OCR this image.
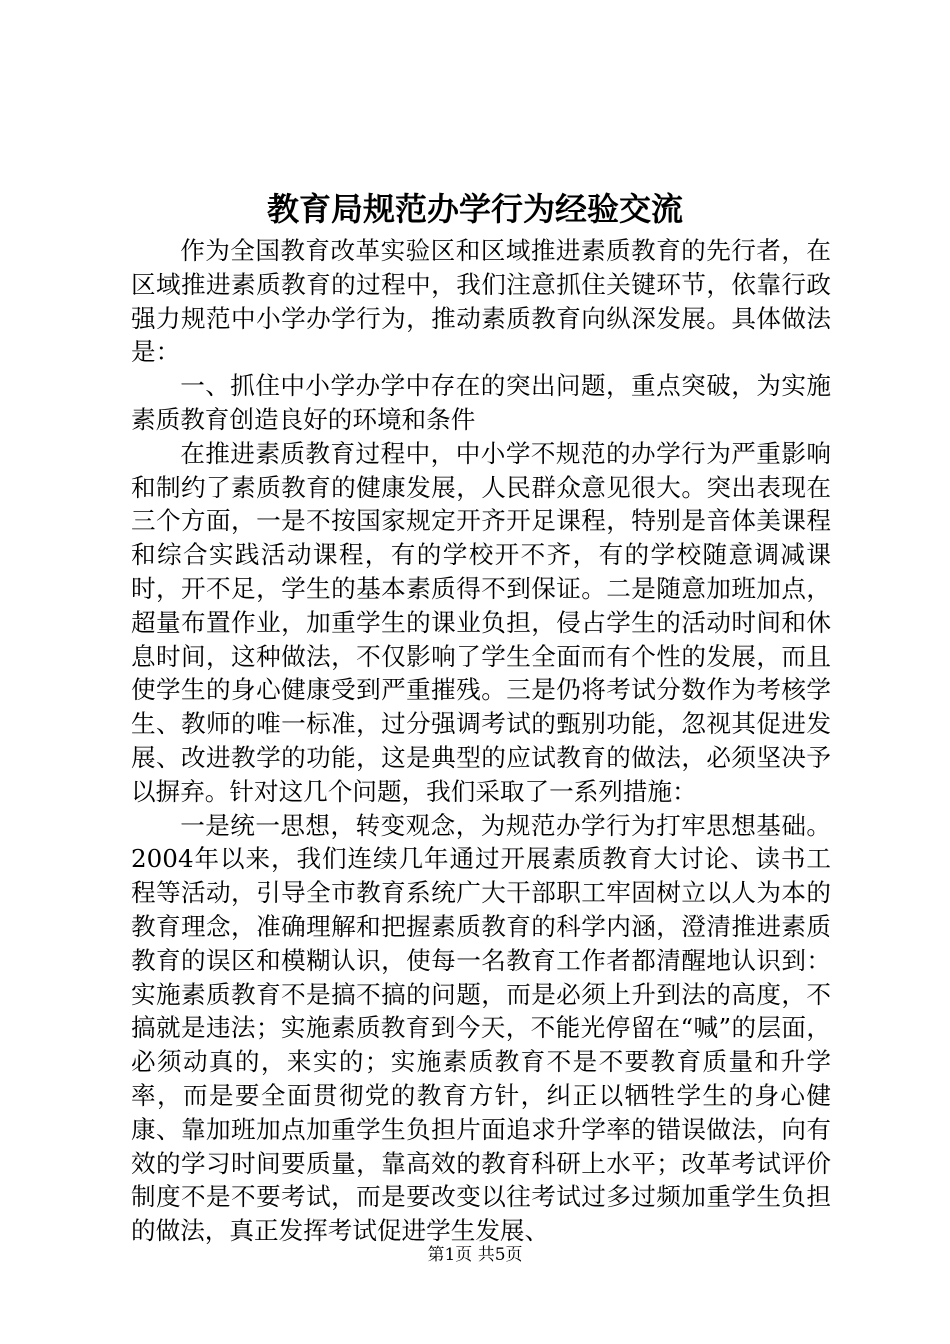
教育局规范办学行为经验交流

作为全国教育改革实验区和区域推进素质教育的先行者，在区域推进素质教育的过程中，我们注意抓住关键环节，依靠行政强力规范中小学办学行为，推动素质教育向纵深发展。具体做法是：

一、抓住中小学办学中存在的突出问题，重点突破，为实施素质教育创造良好的环境和条件

在推进素质教育过程中，中小学不规范的办学行为严重影响和制约了素质教育的健康发展，人民群众意见很大。突出表现在三个方面，一是不按国家规定开齐开足课程，特别是音体美课程和综合实践活动课程，有的学校开不齐，有的学校随意调减课时，开不足，学生的基本素质得不到保证。二是随意加班加点，超量布置作业，加重学生的课业负担，侵占学生的活动时间和休息时间，这种做法，不仅影响了学生全面而有个性的发展，而且使学生的身心健康受到严重摧残。三是仍将考试分数作为考核学生、教师的唯一标准，过分强调考试的甄别功能，忽视其促进发展、改进教学的功能，这是典型的应试教育的做法，必须坚决予以摒弃。针对这几个问题，我们采取了一系列措施：

一是统一思想，转变观念，为规范办学行为打牢思想基础。2004年以来，我们连续几年通过开展素质教育大讨论、读书工程等活动，引导全市教育系统广大干部职工牢固树立以人为本的教育理念，准确理解和把握素质教育的科学内涵，澄清推进素质教育的误区和模糊认识，使每一名教育工作者都清醒地认识到：实施素质教育不是搞不搞的问题，而是必须上升到法的高度，不搞就是违法；实施素质教育到今天，不能光停留在“喊”的层面，必须动真的，来实的；实施素质教育不是不要教育质量和升学率，而是要全面贯彻党的教育方针，纠正以牺牲学生的身心健康、靠加班加点加重学生负担片面追求升学率的错误做法，向有效的学习时间要质量，靠高效的教育科研上水平；改革考试评价制度不是不要考试，而是要改变以往考试过多过频加重学生负担的做法，真正发挥考试促进学生发展、

第1页 共5页
